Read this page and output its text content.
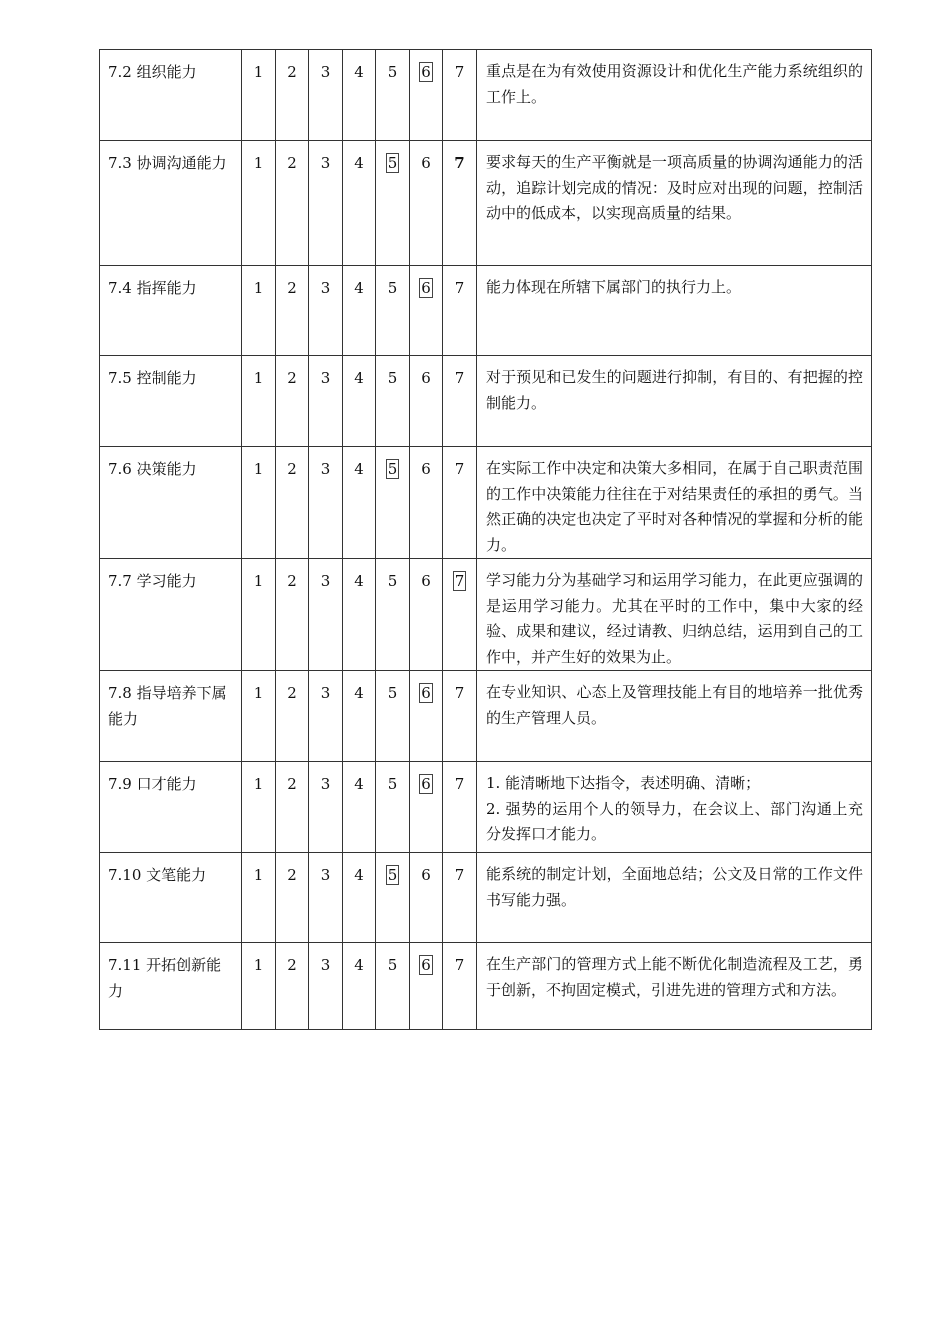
7.2 组织能力	1	2	3	4	5	6	7	重点是在为有效使用资源设计和优化生产能力系统组织的工作上。

7.3 协调沟通能力	1	2	3	4	5	6	7	要求每天的生产平衡就是一项高质量的协调沟通能力的活动，追踪计划完成的情况：及时应对出现的问题，控制活动中的低成本，以实现高质量的结果。

7.4 指挥能力	1	2	3	4	5	6	7	能力体现在所辖下属部门的执行力上。

7.5 控制能力	1	2	3	4	5	6	7	对于预见和已发生的问题进行抑制，有目的、有把握的控制能力。

7.6 决策能力	1	2	3	4	5	6	7	在实际工作中决定和决策大多相同，在属于自己职责范围的工作中决策能力往往在于对结果责任的承担的勇气。当然正确的决定也决定了平时对各种情况的掌握和分析的能力。

7.7 学习能力	1	2	3	4	5	6	7	学习能力分为基础学习和运用学习能力，在此更应强调的是运用学习能力。尤其在平时的工作中，集中大家的经验、成果和建议，经过请教、归纳总结，运用到自己的工作中，并产生好的效果为止。

7.8 指导培养下属能力	1	2	3	4	5	6	7	在专业知识、心态上及管理技能上有目的地培养一批优秀的生产管理人员。

7.9 口才能力	1	2	3	4	5	6	7	1. 能清晰地下达指令，表述明确、清晰；
2. 强势的运用个人的领导力，在会议上、部门沟通上充分发挥口才能力。

7.10 文笔能力	1	2	3	4	5	6	7	能系统的制定计划，全面地总结；公文及日常的工作文件书写能力强。

7.11 开拓创新能力	1	2	3	4	5	6	7	在生产部门的管理方式上能不断优化制造流程及工艺，勇于创新，不拘固定模式，引进先进的管理方式和方法。
